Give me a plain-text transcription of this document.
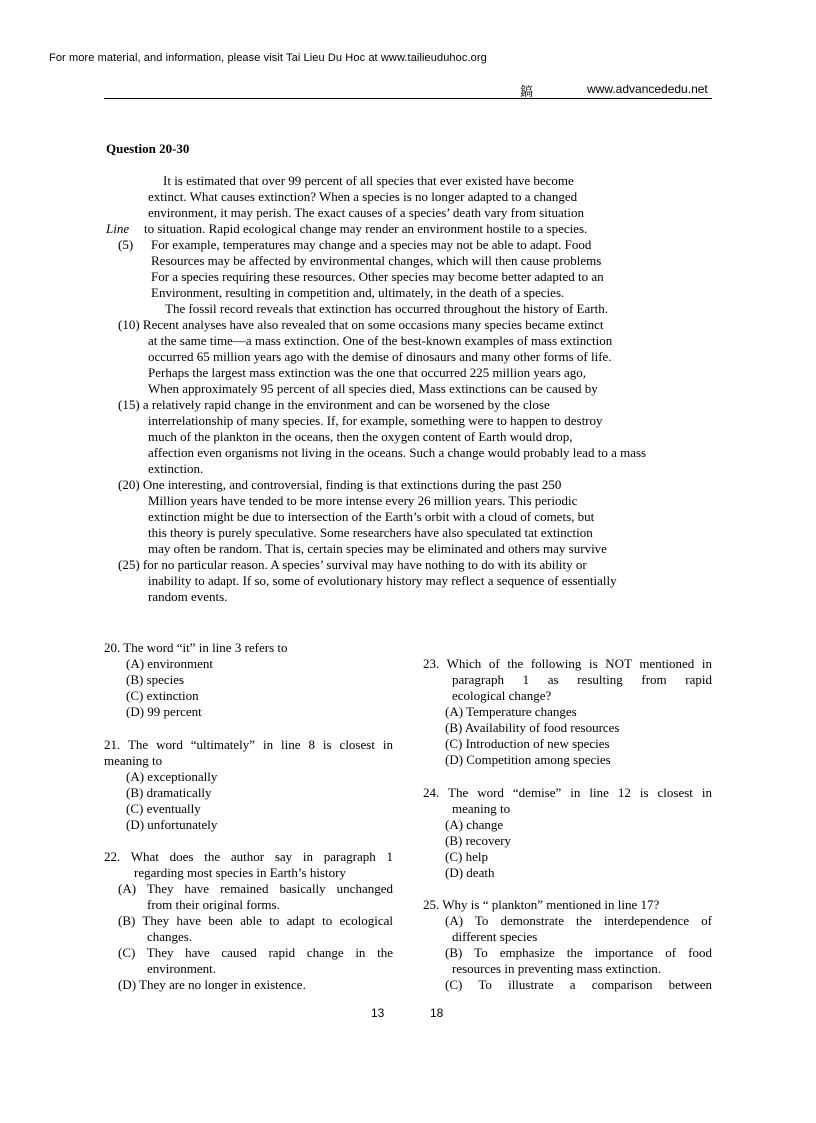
For more material, and information, please visit Tai Lieu Du Hoc at www.tailieuduhoc.org
鎬	www.advancededu.net
Question 20-30
It is estimated that over 99 percent of all species that ever existed have become
extinct. What causes extinction? When a species is no longer adapted to a changed
environment, it may perish. The exact causes of a species’ death vary from situation
Line to situation. Rapid ecological change may render an environment hostile to a species.
(5) For example, temperatures may change and a species may not be able to adapt. Food
Resources may be affected by environmental changes, which will then cause problems
For a species requiring these resources. Other species may become better adapted to an
Environment, resulting in competition and, ultimately, in the death of a species.
The fossil record reveals that extinction has occurred throughout the history of Earth.
(10) Recent analyses have also revealed that on some occasions many species became extinct
at the same time—a mass extinction. One of the best-known examples of mass extinction
occurred 65 million years ago with the demise of dinosaurs and many other forms of life.
Perhaps the largest mass extinction was the one that occurred 225 million years ago,
When approximately 95 percent of all species died, Mass extinctions can be caused by
(15) a relatively rapid change in the environment and can be worsened by the close
interrelationship of many species. If, for example, something were to happen to destroy
much of the plankton in the oceans, then the oxygen content of Earth would drop,
affection even organisms not living in the oceans. Such a change would probably lead to a mass
extinction.
(20) One interesting, and controversial, finding is that extinctions during the past 250
Million years have tended to be more intense every 26 million years. This periodic
extinction might be due to intersection of the Earth’s orbit with a cloud of comets, but
this theory is purely speculative. Some researchers have also speculated tat extinction
may often be random. That is, certain species may be eliminated and others may survive
(25) for no particular reason. A species’ survival may have nothing to do with its ability or
inability to adapt. If so, some of evolutionary history may reflect a sequence of essentially
random events.
20. The word “it” in line 3 refers to
(A) environment
(B) species
(C) extinction
(D) 99 percent
21. The word “ultimately” in line 8 is closest in
meaning to
(A) exceptionally
(B) dramatically
(C) eventually
(D) unfortunately
22. What does the author say in paragraph 1
regarding most species in Earth’s history
(A) They have remained basically unchanged
from their original forms.
(B) They have been able to adapt to ecological
changes.
(C) They have caused rapid change in the
environment.
(D) They are no longer in existence.
23. Which of the following is NOT mentioned in
paragraph 1 as resulting from rapid
ecological change?
(A) Temperature changes
(B) Availability of food resources
(C) Introduction of new species
(D) Competition among species
24. The word “demise” in line 12 is closest in
meaning to
(A) change
(B) recovery
(C) help
(D) death
25. Why is “ plankton” mentioned in line 17?
(A) To demonstrate the interdependence of
different species
(B) To emphasize the importance of food
resources in preventing mass extinction.
(C) To illustrate a comparison between
13	18
